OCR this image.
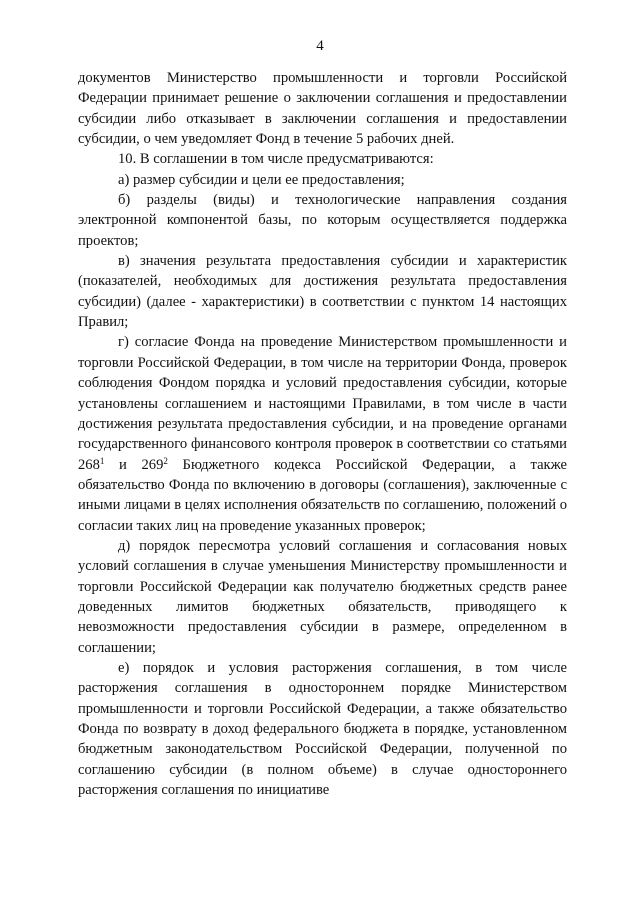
4

документов Министерство промышленности и торговли Российской Федерации принимает решение о заключении соглашения и предоставлении субсидии либо отказывает в заключении соглашения и предоставлении субсидии, о чем уведомляет Фонд в течение 5 рабочих дней.

10. В соглашении в том числе предусматриваются:

а) размер субсидии и цели ее предоставления;

б) разделы (виды) и технологические направления создания электронной компонентой базы, по которым осуществляется поддержка проектов;

в) значения результата предоставления субсидии и характеристик (показателей, необходимых для достижения результата предоставления субсидии) (далее - характеристики) в соответствии с пунктом 14 настоящих Правил;

г) согласие Фонда на проведение Министерством промышленности и торговли Российской Федерации, в том числе на территории Фонда, проверок соблюдения Фондом порядка и условий предоставления субсидии, которые установлены соглашением и настоящими Правилами, в том числе в части достижения результата предоставления субсидии, и на проведение органами государственного финансового контроля проверок в соответствии со статьями $268^1$ и $269^2$ Бюджетного кодекса Российской Федерации, а также обязательство Фонда по включению в договоры (соглашения), заключенные с иными лицами в целях исполнения обязательств по соглашению, положений о согласии таких лиц на проведение указанных проверок;

д) порядок пересмотра условий соглашения и согласования новых условий соглашения в случае уменьшения Министерству промышленности и торговли Российской Федерации как получателю бюджетных средств ранее доведенных лимитов бюджетных обязательств, приводящего к невозможности предоставления субсидии в размере, определенном в соглашении;

е) порядок и условия расторжения соглашения, в том числе расторжения соглашения в одностороннем порядке Министерством промышленности и торговли Российской Федерации, а также обязательство Фонда по возврату в доход федерального бюджета в порядке, установленном бюджетным законодательством Российской Федерации, полученной по соглашению субсидии (в полном объеме) в случае одностороннего расторжения соглашения по инициативе
